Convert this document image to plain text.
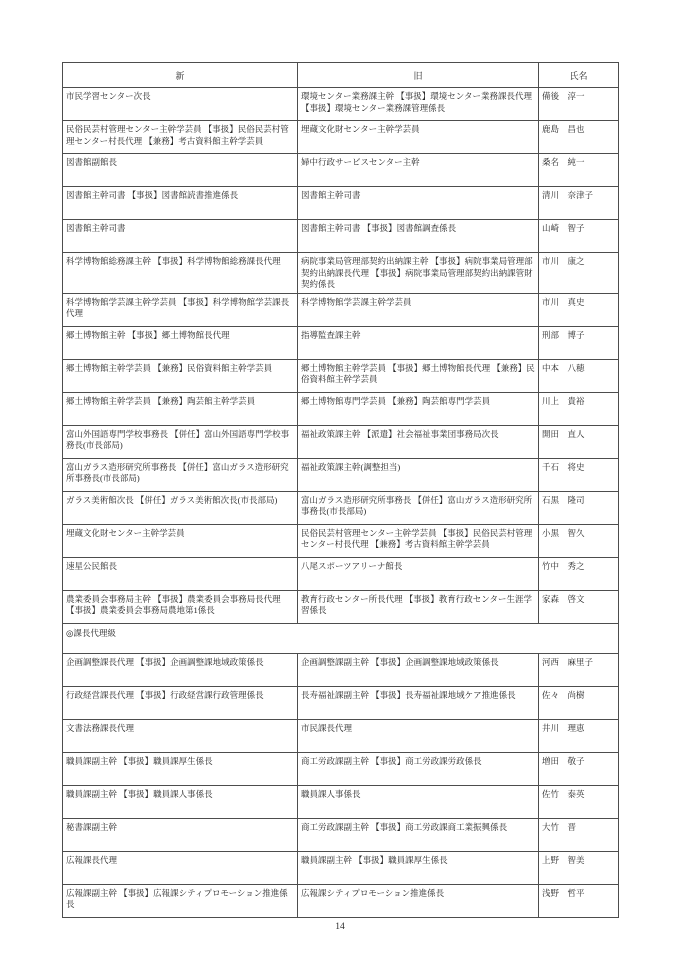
新	旧	氏名

市民学習センター次長	環境センター業務課主幹 【事扱】環境センター業務課長代理 【事扱】環境センター業務課管理係長	備後　淳一

民俗民芸村管理センター主幹学芸員 【事扱】民俗民芸村管理センター村長代理 【兼務】考古資料館主幹学芸員	埋蔵文化財センター主幹学芸員	鹿島　昌也

図書館副館長	婦中行政サービスセンター主幹	桑名　純一

図書館主幹司書 【事扱】図書館読書推進係長	図書館主幹司書	清川　奈津子

図書館主幹司書	図書館主幹司書 【事扱】図書館調査係長	山崎　智子

科学博物館総務課主幹 【事扱】科学博物館総務課長代理	病院事業局管理部契約出納課主幹 【事扱】病院事業局管理部契約出納課長代理 【事扱】病院事業局管理部契約出納課管財契約係長	市川　康之

科学博物館学芸課主幹学芸員 【事扱】科学博物館学芸課長代理	科学博物館学芸課主幹学芸員	市川　真史

郷土博物館主幹 【事扱】郷土博物館長代理	指導監査課主幹	刑部　博子

郷土博物館主幹学芸員 【兼務】民俗資料館主幹学芸員	郷土博物館主幹学芸員 【事扱】郷土博物館長代理 【兼務】民俗資料館主幹学芸員	中本　八穂

郷土博物館主幹学芸員 【兼務】陶芸館主幹学芸員	郷土博物館専門学芸員 【兼務】陶芸館専門学芸員	川上　貴裕

富山外国語専門学校事務長 【併任】富山外国語専門学校事務長(市長部局)	福祉政策課主幹 【派遣】社会福祉事業団事務局次長	開田　直人

富山ガラス造形研究所事務長 【併任】富山ガラス造形研究所事務長(市長部局)	福祉政策課主幹(調整担当)	千石　将史

ガラス美術館次長 【併任】ガラス美術館次長(市長部局)	富山ガラス造形研究所事務長 【併任】富山ガラス造形研究所事務長(市長部局)	石黒　隆司

埋蔵文化財センター主幹学芸員	民俗民芸村管理センター主幹学芸員 【事扱】民俗民芸村管理センター村長代理 【兼務】考古資料館主幹学芸員	小黒　智久

速星公民館長	八尾スポーツアリーナ館長	竹中　秀之

農業委員会事務局主幹 【事扱】農業委員会事務局長代理 【事扱】農業委員会事務局農地第1係長	教育行政センター所長代理 【事扱】教育行政センター生涯学習係長	家森　啓文

◎課長代理級		

企画調整課長代理 【事扱】企画調整課地域政策係長	企画調整課副主幹 【事扱】企画調整課地域政策係長	河西　麻里子

行政経営課長代理 【事扱】行政経営課行政管理係長	長寿福祉課副主幹 【事扱】長寿福祉課地域ケア推進係長	佐々　尚樹

文書法務課長代理	市民課長代理	井川　理恵

職員課副主幹 【事扱】職員課厚生係長	商工労政課副主幹 【事扱】商工労政課労政係長	増田　敬子

職員課副主幹 【事扱】職員課人事係長	職員課人事係長	佐竹　泰英

秘書課副主幹	商工労政課副主幹 【事扱】商工労政課商工業振興係長	大竹　晋

広報課長代理	職員課副主幹 【事扱】職員課厚生係長	上野　智美

広報課副主幹 【事扱】広報課シティプロモーション推進係長	広報課シティプロモーション推進係長	浅野　哲平
14
